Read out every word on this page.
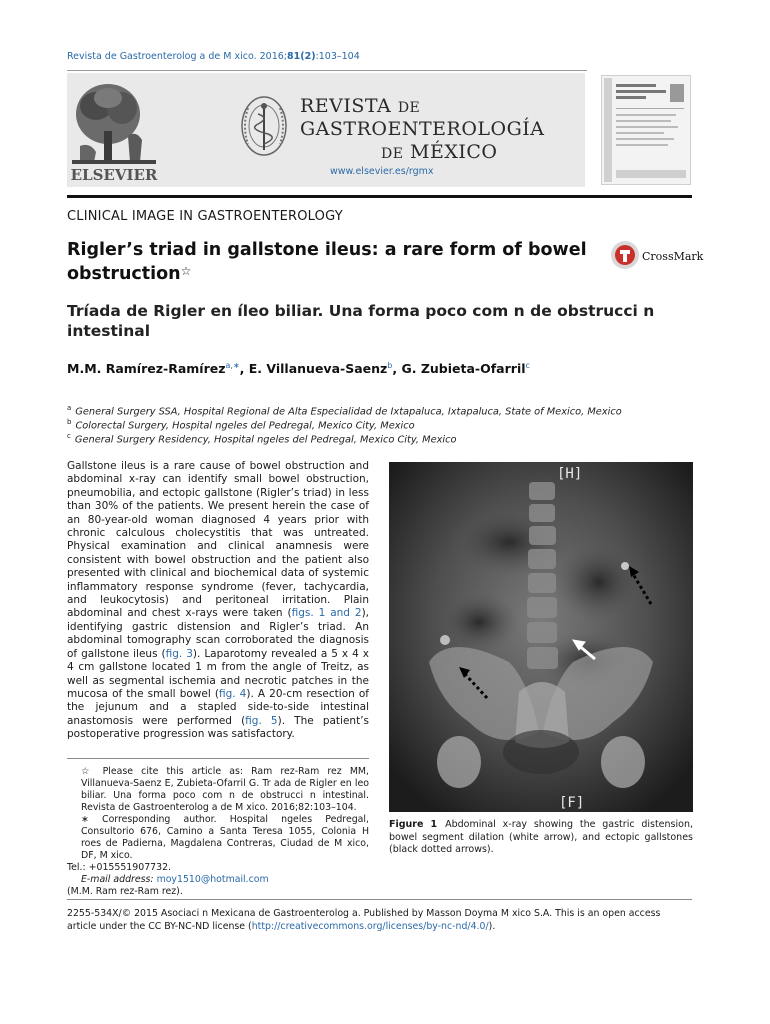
Revista de Gastroenterolog a de M xico. 2016;81(2):103–104
ELSEVIER
REVISTA DE
GASTROENTEROLOGÍA
DE MÉXICO
www.elsevier.es/rgmx
CLINICAL IMAGE IN GASTROENTEROLOGY
Rigler’s triad in gallstone ileus: a rare form of bowel
obstruction☆
CrossMark
Tríada de Rigler en íleo biliar. Una forma poco com n de obstrucci n
intestinal
M.M. Ramírez-Ramírez$^{a,∗}$, E. Villanueva-Saenz$^b$, G. Zubieta-Ofarril$^c$
$^a$ General Surgery SSA, Hospital Regional de Alta Especialidad de Ixtapaluca, Ixtapaluca, State of Mexico, Mexico
$^b$ Colorectal Surgery, Hospital ngeles del Pedregal, Mexico City, Mexico
$^c$ General Surgery Residency, Hospital ngeles del Pedregal, Mexico City, Mexico
Gallstone ileus is a rare cause of bowel obstruction and abdominal x-ray can identify small bowel obstruction, pneumobilia, and ectopic gallstone (Rigler’s triad) in less than 30% of the patients. We present herein the case of an 80-year-old woman diagnosed 4 years prior with chronic calculous cholecystitis that was untreated. Physical examination and clinical anamnesis were consistent with bowel obstruction and the patient also presented with clinical and biochemical data of systemic inflammatory response syndrome (fever, tachycardia, and leukocytosis) and peritoneal irritation. Plain abdominal and chest x-rays were taken (figs. 1 and 2), identifying gastric distension and Rigler’s triad. An abdominal tomography scan corroborated the diagnosis of gallstone ileus (fig. 3). Laparotomy revealed a 5 x 4 x 4 cm gallstone located 1 m from the angle of Treitz, as well as segmental ischemia and necrotic patches in the mucosa of the small bowel (fig. 4). A 20-cm resection of the jejunum and a stapled side-to-side intestinal anastomosis were performed (fig. 5). The patient’s postoperative progression was satisfactory.
[H]
[F]
Figure 1 Abdominal x-ray showing the gastric distension, bowel segment dilation (white arrow), and ectopic gallstones (black dotted arrows).
☆ Please cite this article as: Ram rez-Ram rez MM, Villanueva-Saenz E, Zubieta-Ofarril G. Tr ada de Rigler en leo biliar. Una forma poco com n de obstrucci n intestinal. Revista de Gastroenterolog a de M xico. 2016;82:103–104.
∗ Corresponding author. Hospital ngeles Pedregal, Consultorio 676, Camino a Santa Teresa 1055, Colonia H roes de Padierna, Magdalena Contreras, Ciudad de M xico, DF, M xico.
Tel.: +015551907732.
E-mail address: moy1510@hotmail.com
(M.M. Ram rez-Ram rez).
2255-534X/© 2015 Asociaci n Mexicana de Gastroenterolog a. Published by Masson Doyma M xico S.A. This is an open access article under the CC BY-NC-ND license (http://creativecommons.org/licenses/by-nc-nd/4.0/).
